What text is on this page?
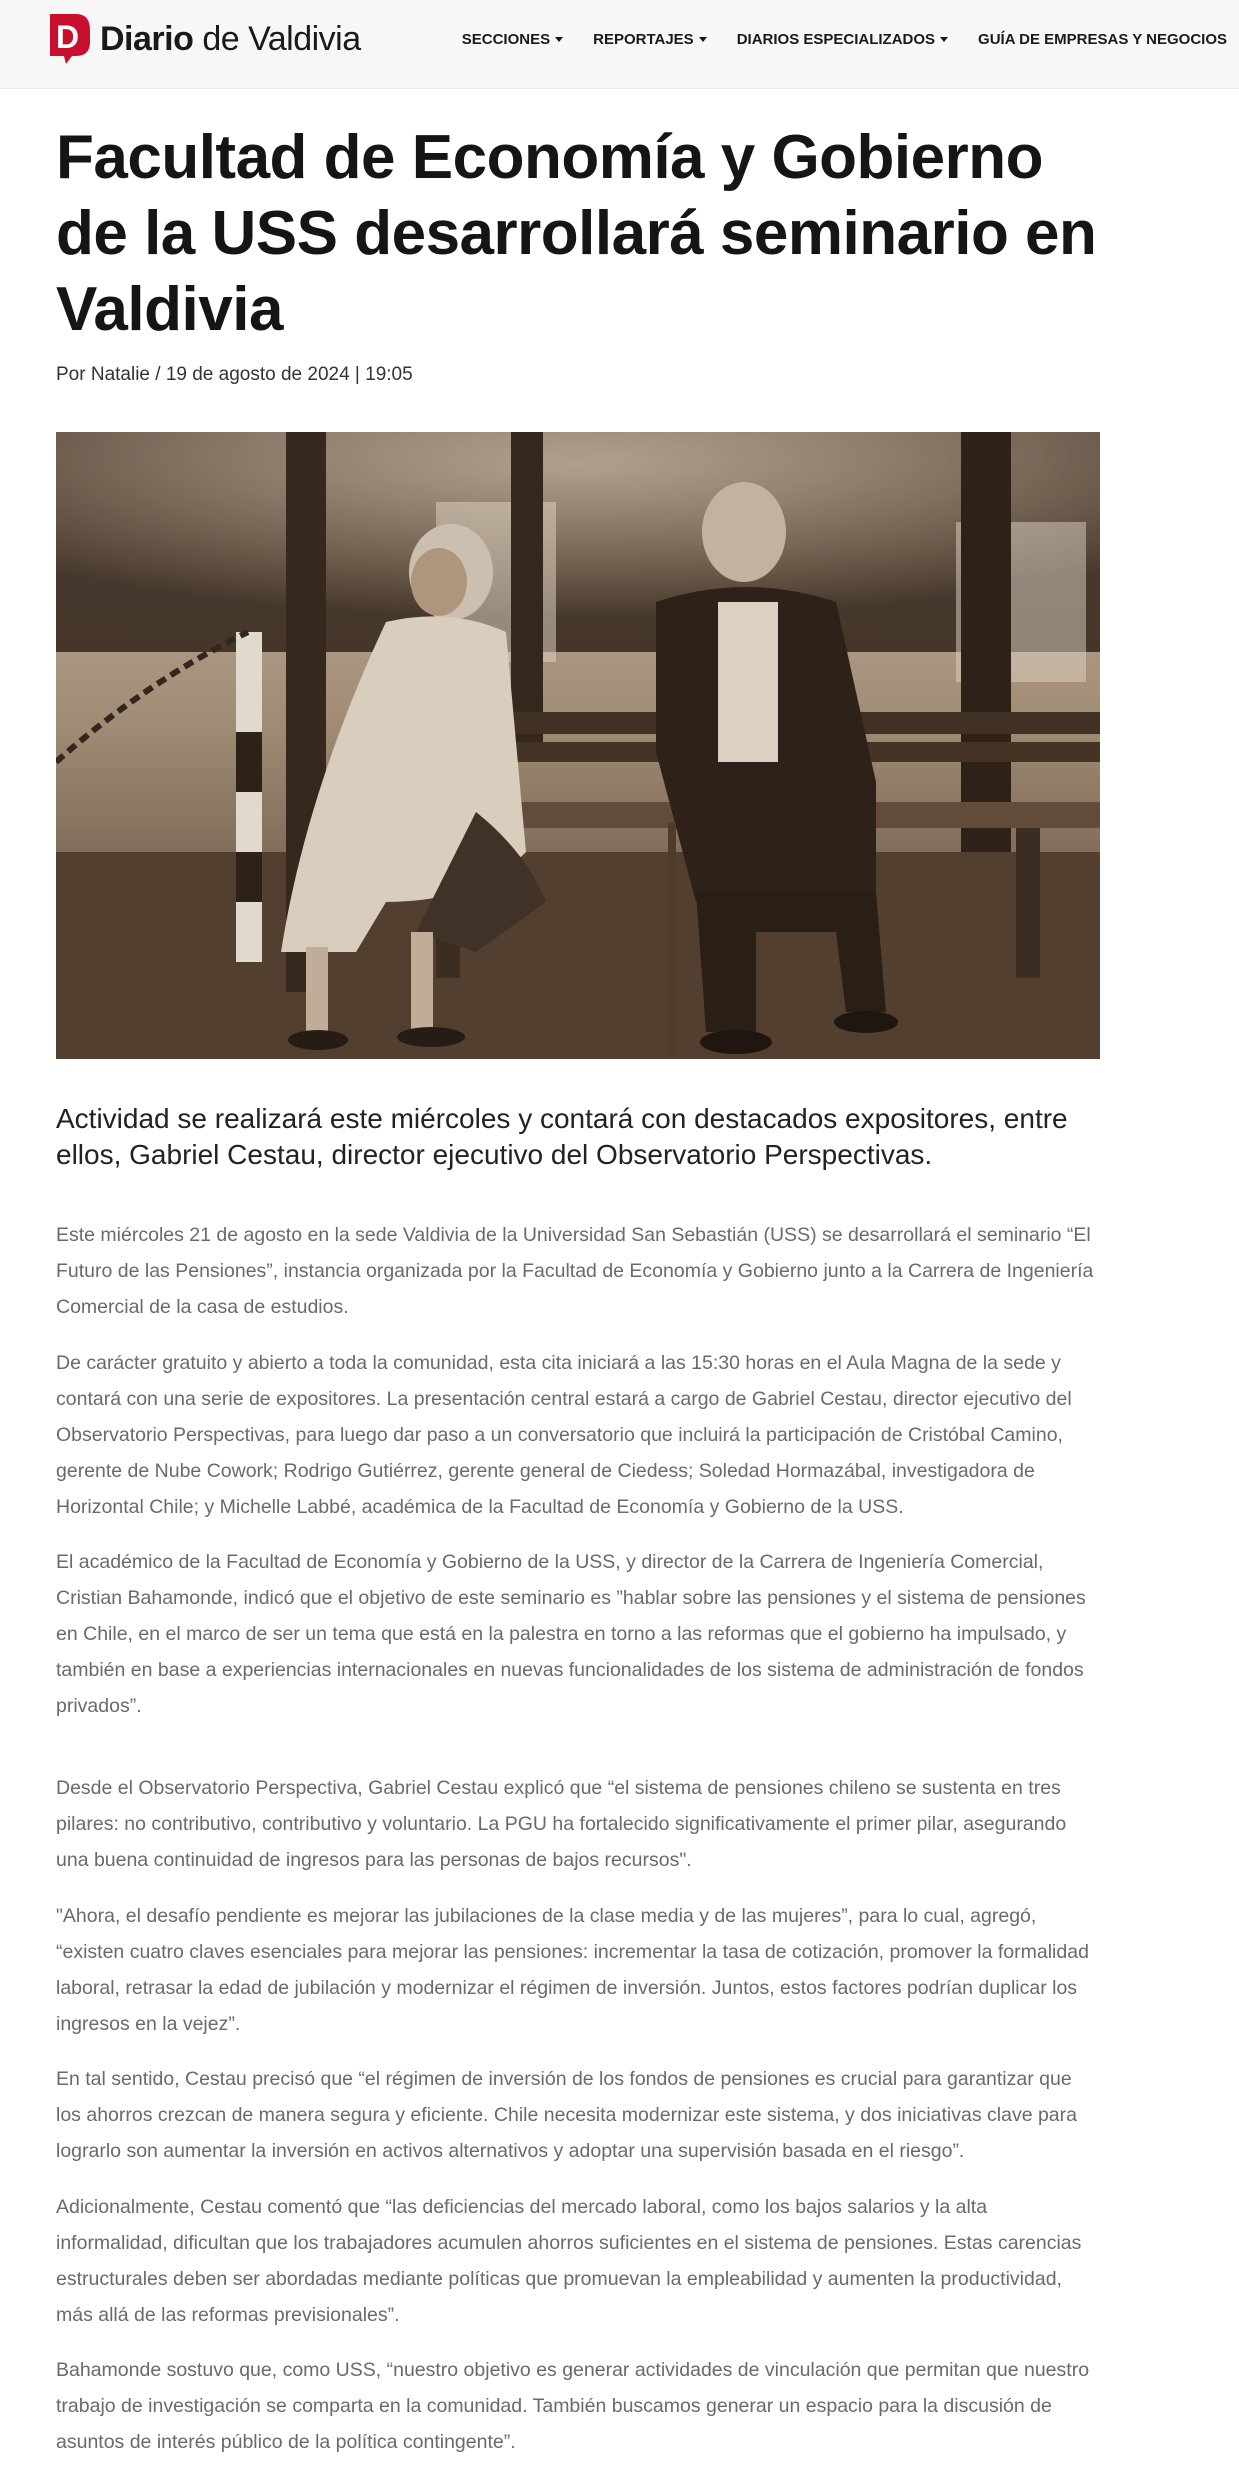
D Diario de Valdivia	SECCIONES	REPORTAJES	DIARIOS ESPECIALIZADOS	GUÍA DE EMPRESAS Y NEGOCIOS
Facultad de Economía y Gobierno de la USS desarrollará seminario en Valdivia
Por Natalie / 19 de agosto de 2024 | 19:05
Actividad se realizará este miércoles y contará con destacados expositores, entre ellos, Gabriel Cestau, director ejecutivo del Observatorio Perspectivas.

Este miércoles 21 de agosto en la sede Valdivia de la Universidad San Sebastián (USS) se desarrollará el seminario “El Futuro de las Pensiones”, instancia organizada por la Facultad de Economía y Gobierno junto a la Carrera de Ingeniería Comercial de la casa de estudios.

De carácter gratuito y abierto a toda la comunidad, esta cita iniciará a las 15:30 horas en el Aula Magna de la sede y contará con una serie de expositores. La presentación central estará a cargo de Gabriel Cestau, director ejecutivo del Observatorio Perspectivas, para luego dar paso a un conversatorio que incluirá la participación de Cristóbal Camino, gerente de Nube Cowork; Rodrigo Gutiérrez, gerente general de Ciedess; Soledad Hormazábal, investigadora de Horizontal Chile; y Michelle Labbé, académica de la Facultad de Economía y Gobierno de la USS.

El académico de la Facultad de Economía y Gobierno de la USS, y director de la Carrera de Ingeniería Comercial, Cristian Bahamonde, indicó que el objetivo de este seminario es ”hablar sobre las pensiones y el sistema de pensiones en Chile, en el marco de ser un tema que está en la palestra en torno a las reformas que el gobierno ha impulsado, y también en base a experiencias internacionales en nuevas funcionalidades de los sistema de administración de fondos privados”.

Desde el Observatorio Perspectiva, Gabriel Cestau explicó que “el sistema de pensiones chileno se sustenta en tres pilares: no contributivo, contributivo y voluntario. La PGU ha fortalecido significativamente el primer pilar, asegurando una buena continuidad de ingresos para las personas de bajos recursos".

"Ahora, el desafío pendiente es mejorar las jubilaciones de la clase media y de las mujeres”, para lo cual, agregó, “existen cuatro claves esenciales para mejorar las pensiones: incrementar la tasa de cotización, promover la formalidad laboral, retrasar la edad de jubilación y modernizar el régimen de inversión. Juntos, estos factores podrían duplicar los ingresos en la vejez”.

En tal sentido, Cestau precisó que “el régimen de inversión de los fondos de pensiones es crucial para garantizar que los ahorros crezcan de manera segura y eficiente. Chile necesita modernizar este sistema, y dos iniciativas clave para lograrlo son aumentar la inversión en activos alternativos y adoptar una supervisión basada en el riesgo”.

Adicionalmente, Cestau comentó que “las deficiencias del mercado laboral, como los bajos salarios y la alta informalidad, dificultan que los trabajadores acumulen ahorros suficientes en el sistema de pensiones. Estas carencias estructurales deben ser abordadas mediante políticas que promuevan la empleabilidad y aumenten la productividad, más allá de las reformas previsionales”.

Bahamonde sostuvo que, como USS, “nuestro objetivo es generar actividades de vinculación que permitan que nuestro trabajo de investigación se comparta en la comunidad. También buscamos generar un espacio para la discusión de asuntos de interés público de la política contingente”.
